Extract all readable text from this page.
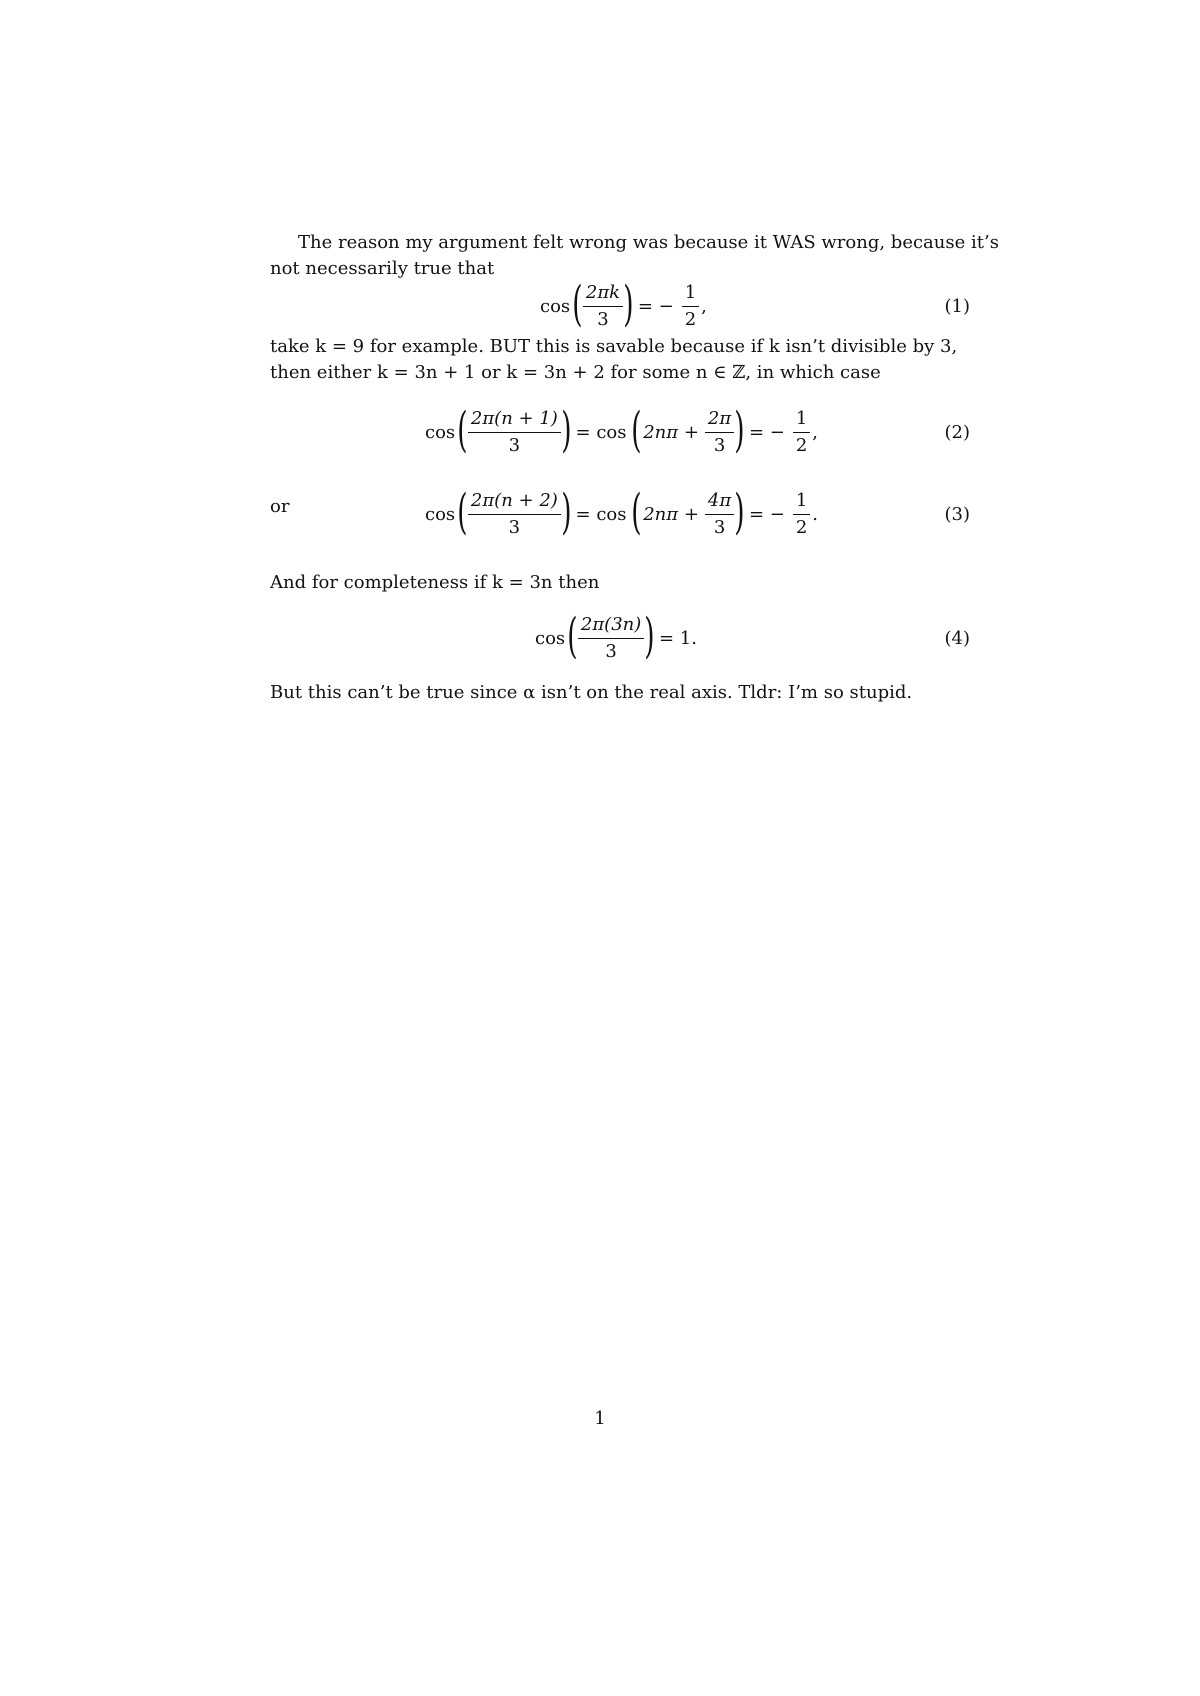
The reason my argument felt wrong was because it WAS wrong, because it’s
not necessarily true that
cos ( $\frac{2\pi k}{3}$ ) = − $\frac{1}{2}$ ,	(1)
take k = 9 for example. BUT this is savable because if k isn’t divisible by 3,
then either k = 3n + 1 or k = 3n + 2 for some n ∈ ℤ, in which case
cos ( $\frac{2\pi(n + 1)}{3}$ ) = cos ( $2n\pi + \frac{2\pi}{3}$ ) = − $\frac{1}{2}$ ,	(2)
or	cos ( $\frac{2\pi(n + 2)}{3}$ ) = cos ( $2n\pi + \frac{4\pi}{3}$ ) = − $\frac{1}{2}$ .	(3)
And for completeness if k = 3n then
cos ( $\frac{2\pi(3n)}{3}$ ) = 1.	(4)
But this can’t be true since α isn’t on the real axis. Tldr: I’m so stupid.
1
